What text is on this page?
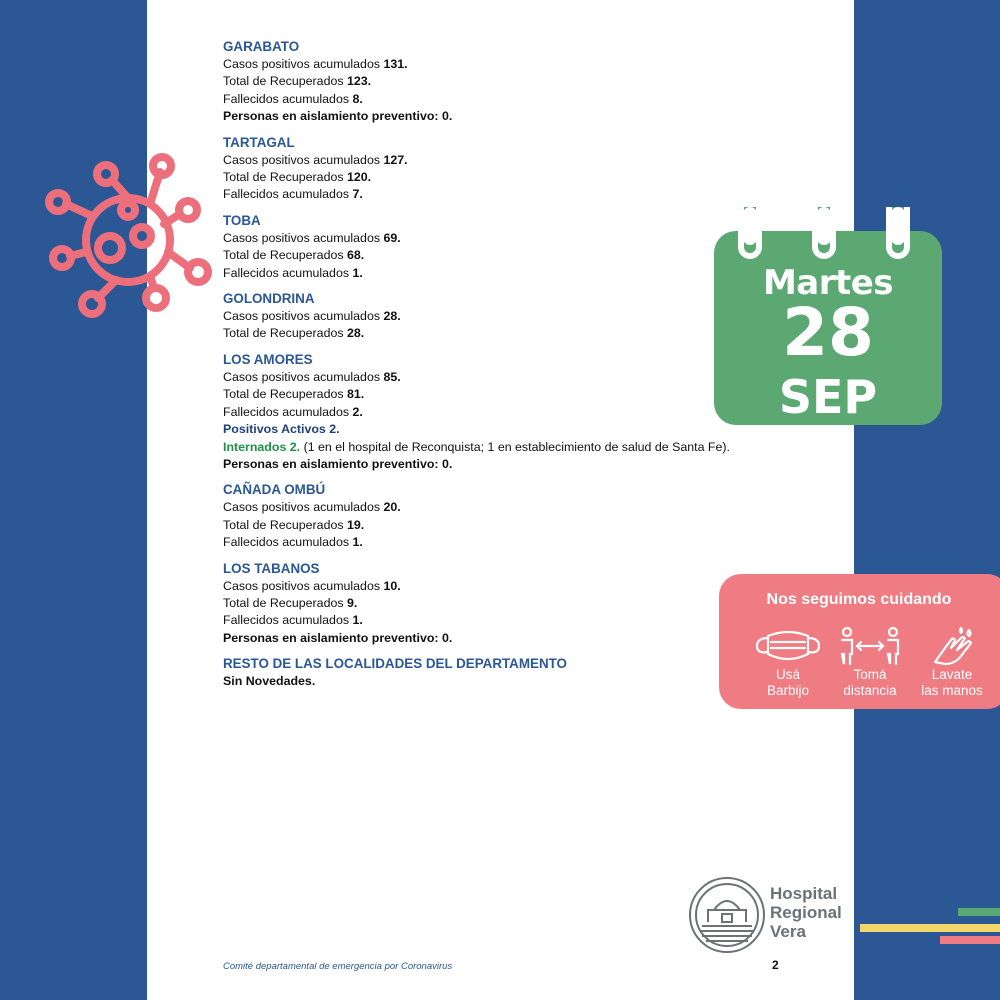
GARABATO
Casos positivos acumulados 131.
Total de Recuperados 123.
Fallecidos acumulados 8.
Personas en aislamiento preventivo: 0.
TARTAGAL
Casos positivos acumulados 127.
Total de Recuperados 120.
Fallecidos acumulados 7.
TOBA
Casos positivos acumulados 69.
Total de Recuperados 68.
Fallecidos acumulados 1.
GOLONDRINA
Casos positivos acumulados 28.
Total de Recuperados 28.
LOS AMORES
Casos positivos acumulados 85.
Total de Recuperados 81.
Fallecidos acumulados 2.
Positivos Activos 2.
Internados 2. (1 en el hospital de Reconquista; 1 en establecimiento de salud de Santa Fe).
Personas en aislamiento preventivo: 0.
CAÑADA OMBÚ
Casos positivos acumulados 20.
Total de Recuperados 19.
Fallecidos acumulados 1.
LOS TABANOS
Casos positivos acumulados 10.
Total de Recuperados 9.
Fallecidos acumulados 1.
Personas en aislamiento preventivo: 0.
RESTO DE LAS LOCALIDADES DEL DEPARTAMENTO
Sin Novedades.
Martes
28
SEP
Nos seguimos cuidando
Usá
Barbijo
Tomá
distancia
Lavate
las manos
Hospital
Regional
Vera
Comité departamental de emergencia por Coronavirus	2
